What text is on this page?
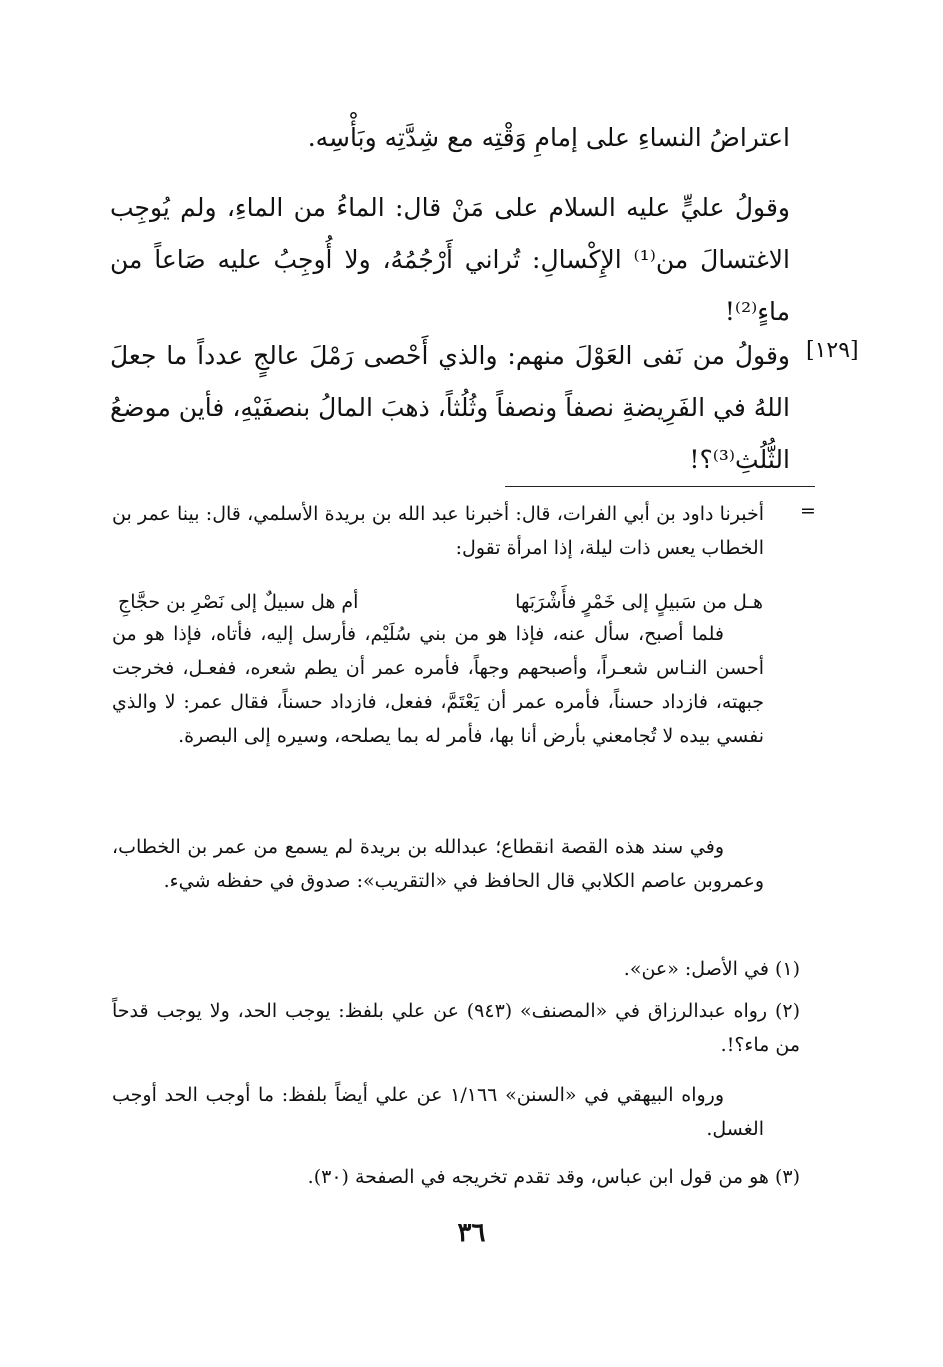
اعتراضُ النساءِ على إمامِ وَقْتِه مع شِدَّتِه وبَأْسِه.
وقولُ عليٍّ عليه السلام على مَنْ قال: الماءُ من الماءِ، ولم يُوجِب الاغتسالَ من⁽¹⁾ الإِكْسالِ: تُراني أَرْجُمُهُ، ولا أُوجِبُ عليه صَاعاً من ماءٍ⁽²⁾!
[١٢٩]
وقولُ من نَفى العَوْلَ منهم: والذي أَحْصى رَمْلَ عالجٍ عدداً ما جعلَ اللهُ في الفَرِيضةِ نصفاً ونصفاً وثُلُثاً، ذهبَ المالُ بنصفَيْهِ، فأين موضعُ الثُّلُثِ⁽³⁾؟!
=
أخبرنا داود بن أبي الفرات، قال: أخبرنا عبد الله بن بريدة الأسلمي، قال: بينا عمر بن الخطاب يعس ذات ليلة، إذا امرأة تقول:
هـل من سَبيلٍ إلى خَمْرٍ فأَشْرَبَها
أم هل سبيلٌ إلى نَصْرِ بن حجَّاجِ
فلما أصبح، سأل عنه، فإذا هو من بني سُلَيْم، فأرسل إليه، فأتاه، فإذا هو من أحسن النـاس شعـراً، وأصبحهم وجهاً، فأمره عمر أن يطم شعره، ففعـل، فخرجت جبهته، فازداد حسناً، فأمره عمر أن يَعْتَمَّ، ففعل، فازداد حسناً، فقال عمر: لا والذي نفسي بيده لا تُجامعني بأرض أنا بها، فأمر له بما يصلحه، وسيره إلى البصرة.
وفي سند هذه القصة انقطاع؛ عبدالله بن بريدة لم يسمع من عمر بن الخطاب، وعمروبن عاصم الكلابي قال الحافظ في «التقريب»: صدوق في حفظه شيء.
(١) في الأصل: «عن».
(٢) رواه عبدالرزاق في «المصنف» (٩٤٣) عن علي بلفظ: يوجب الحد، ولا يوجب قدحاً من ماء؟!.
ورواه البيهقي في «السنن» ١/١٦٦ عن علي أيضاً بلفظ: ما أوجب الحد أوجب الغسل.
(٣) هو من قول ابن عباس، وقد تقدم تخريجه في الصفحة (٣٠).
٣٦
